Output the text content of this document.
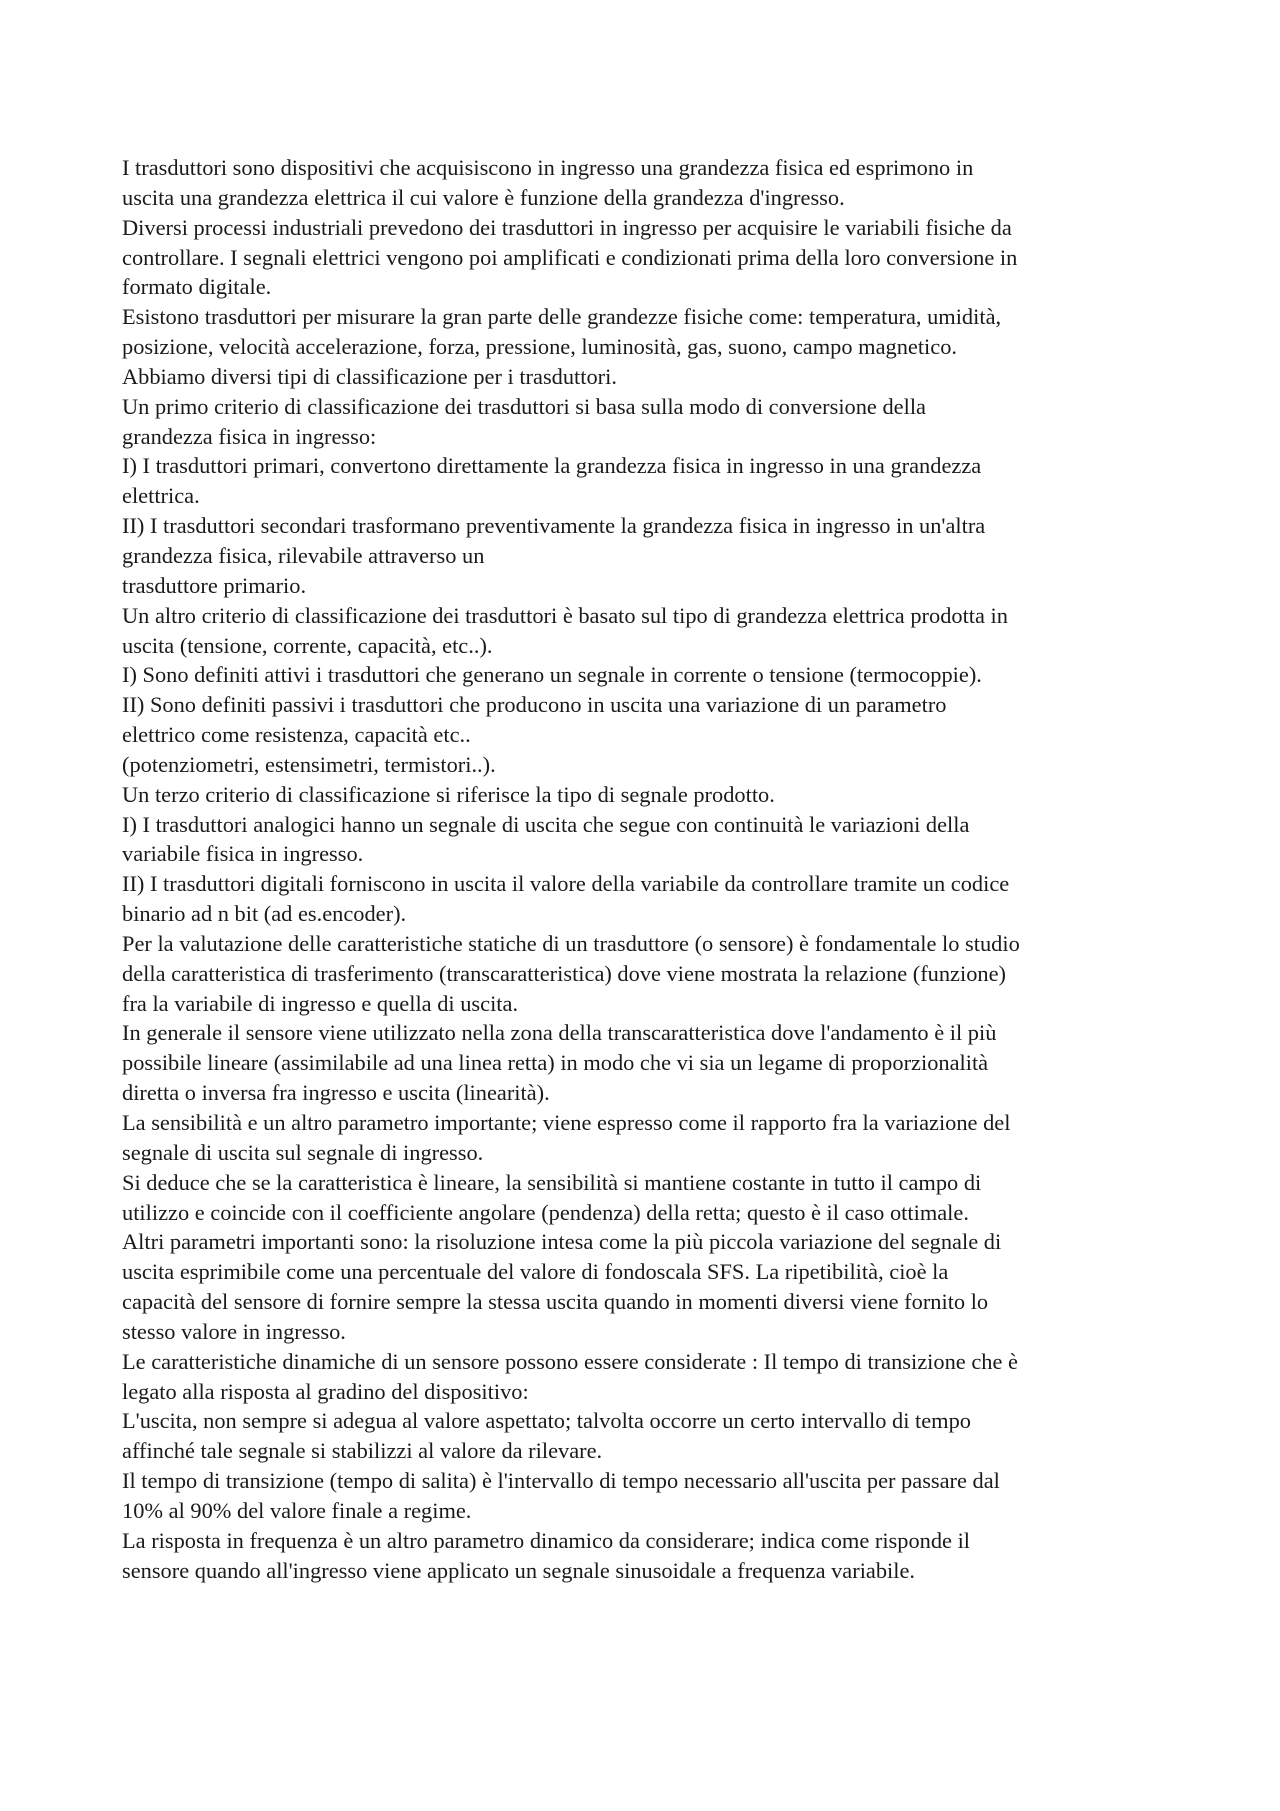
I trasduttori sono dispositivi che acquisiscono in ingresso una grandezza fisica ed esprimono in
uscita una grandezza elettrica il cui valore è funzione della grandezza d'ingresso.
Diversi processi industriali prevedono dei trasduttori in ingresso per acquisire le variabili fisiche da
controllare. I segnali elettrici vengono poi amplificati e condizionati prima della loro conversione in
formato digitale.
Esistono trasduttori per misurare la gran parte delle grandezze fisiche come: temperatura, umidità,
posizione, velocità accelerazione, forza, pressione, luminosità, gas, suono, campo magnetico.
Abbiamo diversi tipi di classificazione per i trasduttori.
Un primo criterio di classificazione dei trasduttori si basa sulla modo di conversione della
grandezza fisica in ingresso:
I) I trasduttori primari, convertono direttamente la grandezza fisica in ingresso in una grandezza
elettrica.
II) I trasduttori secondari trasformano preventivamente la grandezza fisica in ingresso in un'altra
grandezza fisica, rilevabile attraverso un
trasduttore primario.
Un altro criterio di classificazione dei trasduttori è basato sul tipo di grandezza elettrica prodotta in
uscita (tensione, corrente, capacità, etc..).
I) Sono definiti attivi i trasduttori che generano un segnale in corrente o tensione (termocoppie).
II) Sono definiti passivi i trasduttori che producono in uscita una variazione di un parametro
elettrico come resistenza, capacità etc..
(potenziometri, estensimetri, termistori..).
Un terzo criterio di classificazione si riferisce la tipo di segnale prodotto.
I) I trasduttori analogici hanno un segnale di uscita che segue con continuità le variazioni della
variabile fisica in ingresso.
II) I trasduttori digitali forniscono in uscita il valore della variabile da controllare tramite un codice
binario ad n bit (ad es.encoder).
Per la valutazione delle caratteristiche statiche di un trasduttore (o sensore) è fondamentale lo studio
della caratteristica di trasferimento (transcaratteristica) dove viene mostrata la relazione (funzione)
fra la variabile di ingresso e quella di uscita.
In generale il sensore viene utilizzato nella zona della transcaratteristica dove l'andamento è il più
possibile lineare (assimilabile ad una linea retta) in modo che vi sia un legame di proporzionalità
diretta o inversa fra ingresso e uscita (linearità).
La sensibilità e un altro parametro importante; viene espresso come il rapporto fra la variazione del
segnale di uscita sul segnale di ingresso.
Si deduce che se la caratteristica è lineare, la sensibilità si mantiene costante in tutto il campo di
utilizzo e coincide con il coefficiente angolare (pendenza) della retta; questo è il caso ottimale.
Altri parametri importanti sono: la risoluzione intesa come la più piccola variazione del segnale di
uscita esprimibile come una percentuale del valore di fondoscala SFS. La ripetibilità, cioè la
capacità del sensore di fornire sempre la stessa uscita quando in momenti diversi viene fornito lo
stesso valore in ingresso.
Le caratteristiche dinamiche di un sensore possono essere considerate : Il tempo di transizione che è
legato alla risposta al gradino del dispositivo:
L'uscita, non sempre si adegua al valore aspettato; talvolta occorre un certo intervallo di tempo
affinché tale segnale si stabilizzi al valore da rilevare.
Il tempo di transizione (tempo di salita) è l'intervallo di tempo necessario all'uscita per passare dal
10% al 90% del valore finale a regime.
La risposta in frequenza è un altro parametro dinamico da considerare; indica come risponde il
sensore quando all'ingresso viene applicato un segnale sinusoidale a frequenza variabile.
